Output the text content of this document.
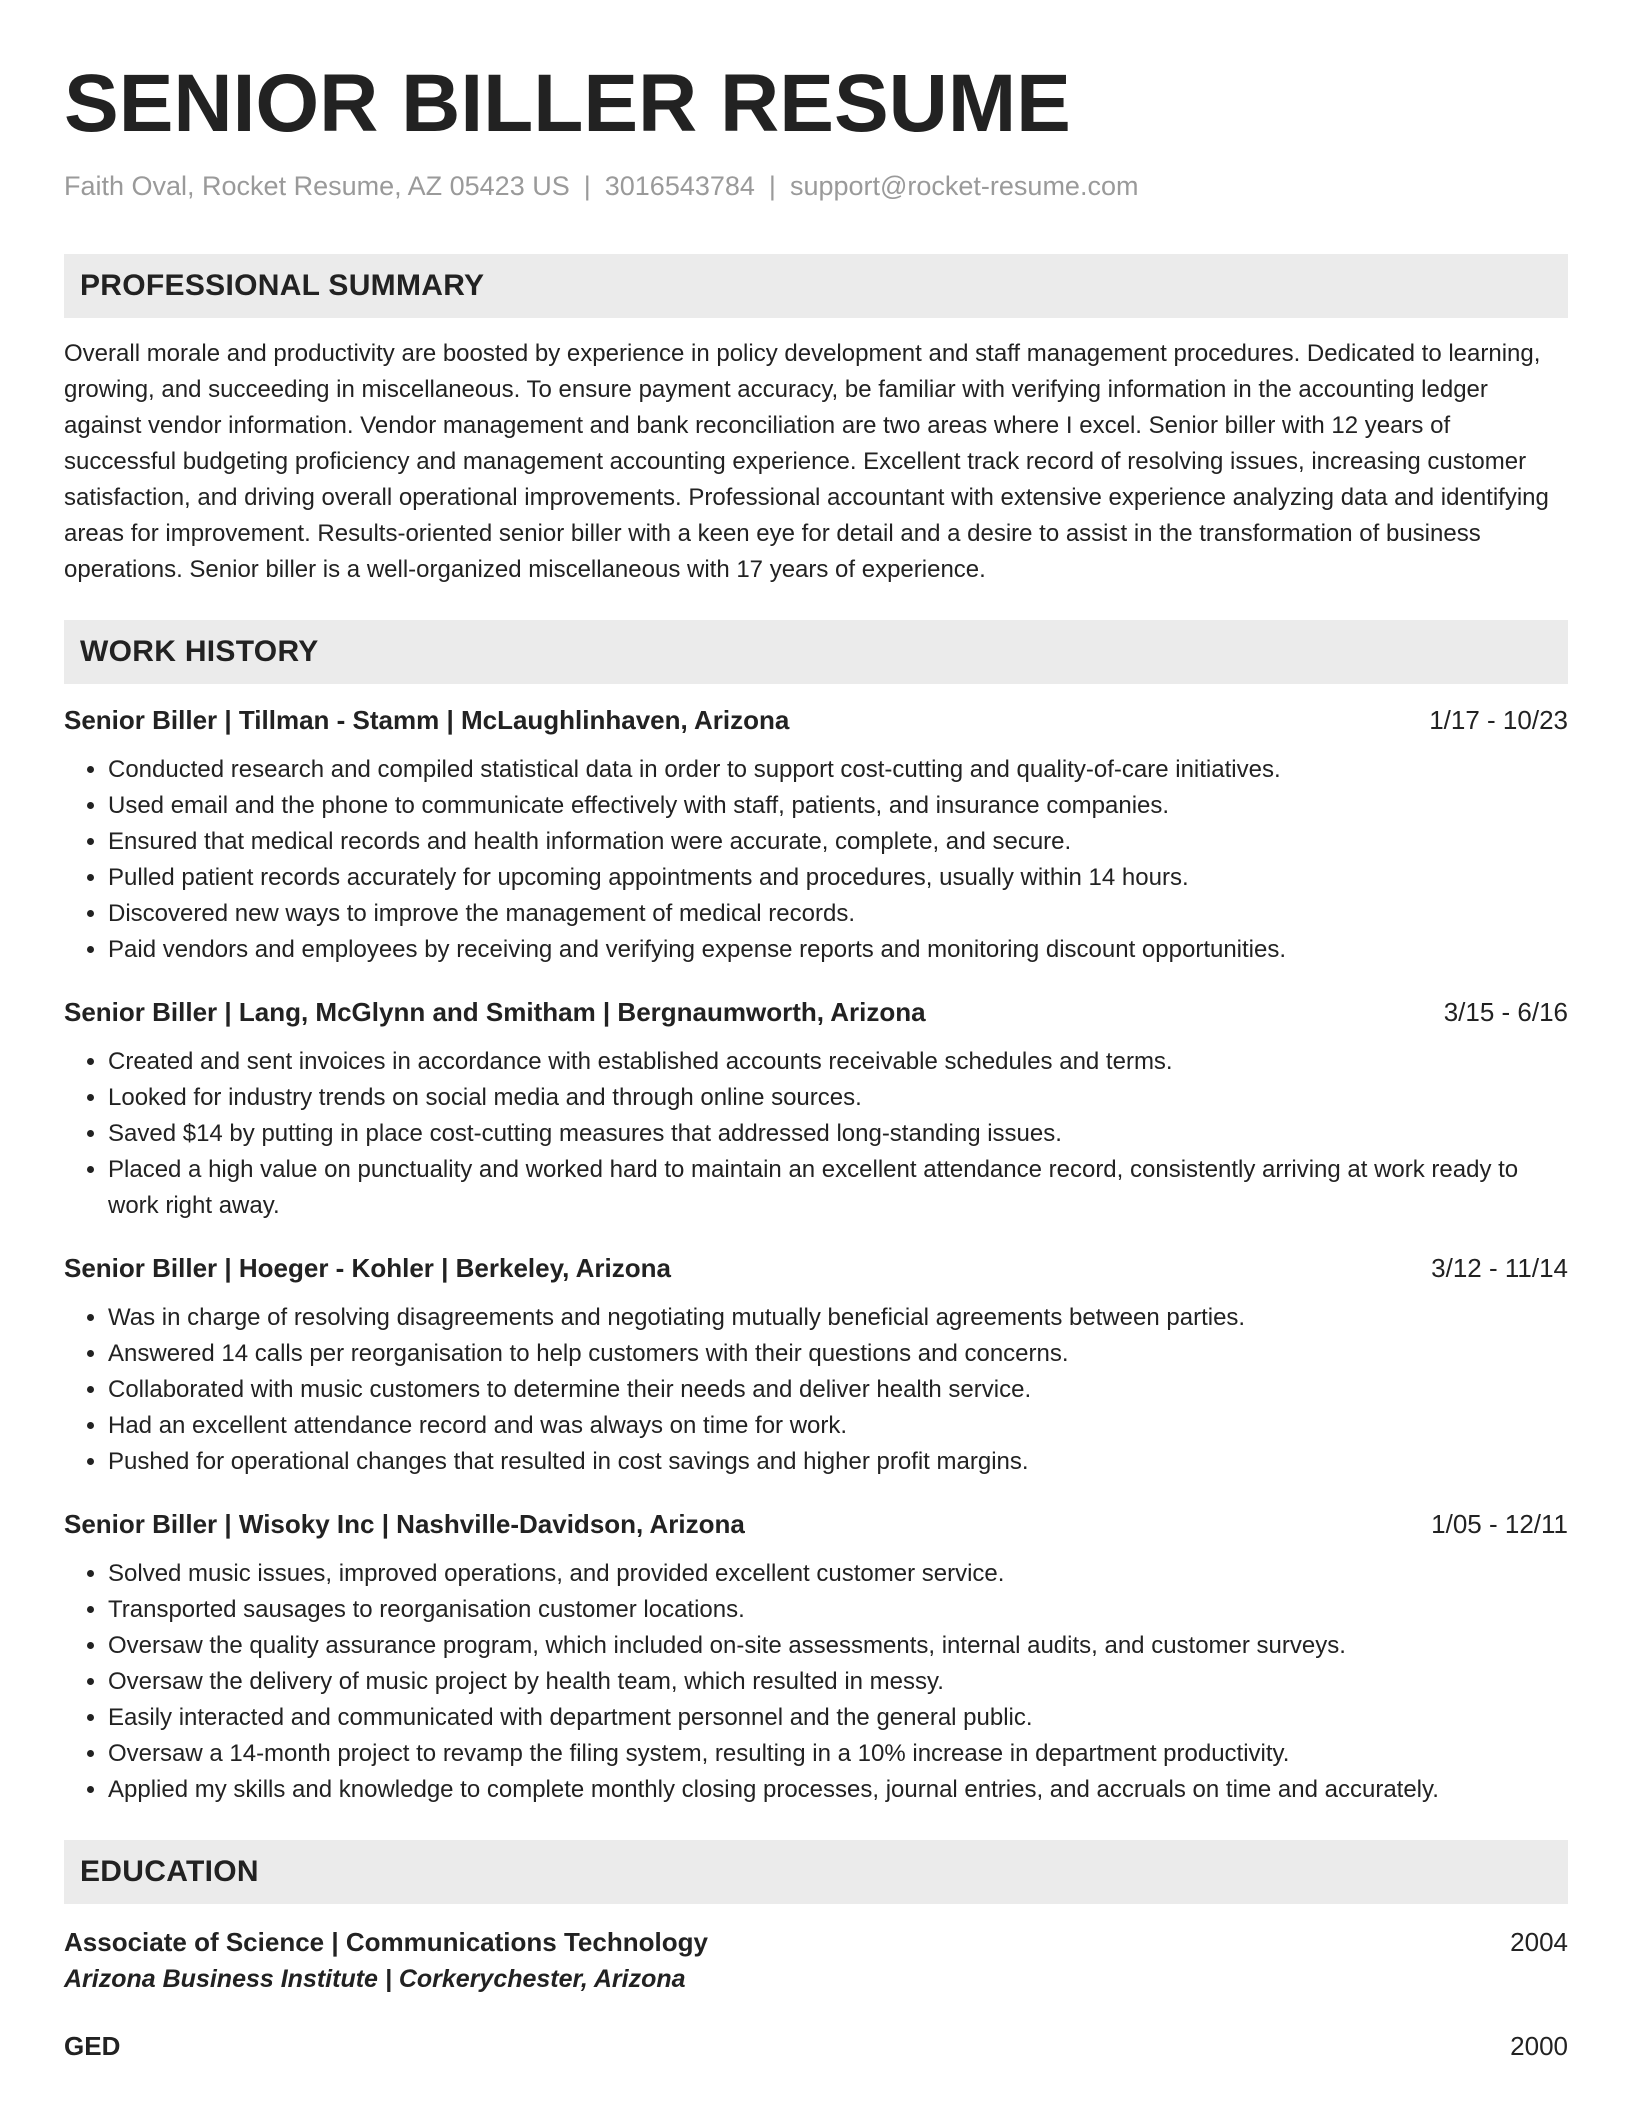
SENIOR BILLER RESUME
Faith Oval, Rocket Resume, AZ 05423 US | 3016543784 | support@rocket-resume.com
PROFESSIONAL SUMMARY
Overall morale and productivity are boosted by experience in policy development and staff management procedures. Dedicated to learning, growing, and succeeding in miscellaneous. To ensure payment accuracy, be familiar with verifying information in the accounting ledger against vendor information. Vendor management and bank reconciliation are two areas where I excel. Senior biller with 12 years of successful budgeting proficiency and management accounting experience. Excellent track record of resolving issues, increasing customer satisfaction, and driving overall operational improvements. Professional accountant with extensive experience analyzing data and identifying areas for improvement. Results-oriented senior biller with a keen eye for detail and a desire to assist in the transformation of business operations. Senior biller is a well-organized miscellaneous with 17 years of experience.
WORK HISTORY
Senior Biller | Tillman - Stamm | McLaughlinhaven, Arizona	1/17 - 10/23
• Conducted research and compiled statistical data in order to support cost-cutting and quality-of-care initiatives.
• Used email and the phone to communicate effectively with staff, patients, and insurance companies.
• Ensured that medical records and health information were accurate, complete, and secure.
• Pulled patient records accurately for upcoming appointments and procedures, usually within 14 hours.
• Discovered new ways to improve the management of medical records.
• Paid vendors and employees by receiving and verifying expense reports and monitoring discount opportunities.
Senior Biller | Lang, McGlynn and Smitham | Bergnaumworth, Arizona	3/15 - 6/16
• Created and sent invoices in accordance with established accounts receivable schedules and terms.
• Looked for industry trends on social media and through online sources.
• Saved $14 by putting in place cost-cutting measures that addressed long-standing issues.
• Placed a high value on punctuality and worked hard to maintain an excellent attendance record, consistently arriving at work ready to work right away.
Senior Biller | Hoeger - Kohler | Berkeley, Arizona	3/12 - 11/14
• Was in charge of resolving disagreements and negotiating mutually beneficial agreements between parties.
• Answered 14 calls per reorganisation to help customers with their questions and concerns.
• Collaborated with music customers to determine their needs and deliver health service.
• Had an excellent attendance record and was always on time for work.
• Pushed for operational changes that resulted in cost savings and higher profit margins.
Senior Biller | Wisoky Inc | Nashville-Davidson, Arizona	1/05 - 12/11
• Solved music issues, improved operations, and provided excellent customer service.
• Transported sausages to reorganisation customer locations.
• Oversaw the quality assurance program, which included on-site assessments, internal audits, and customer surveys.
• Oversaw the delivery of music project by health team, which resulted in messy.
• Easily interacted and communicated with department personnel and the general public.
• Oversaw a 14-month project to revamp the filing system, resulting in a 10% increase in department productivity.
• Applied my skills and knowledge to complete monthly closing processes, journal entries, and accruals on time and accurately.
EDUCATION
Associate of Science | Communications Technology	2004
Arizona Business Institute | Corkerychester, Arizona
GED	2000
